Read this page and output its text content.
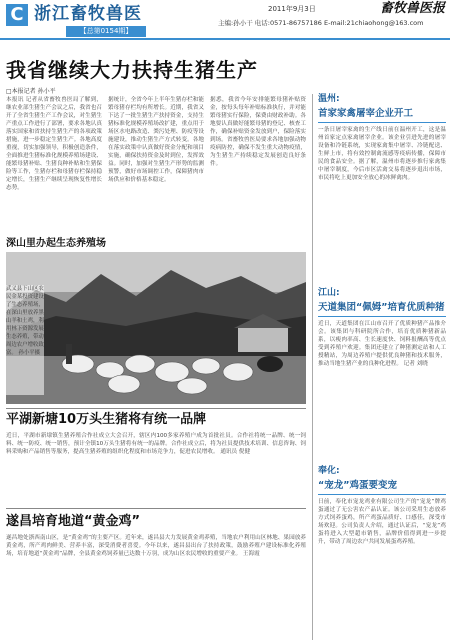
C 浙江畜牧兽医
【总第0154期】
2011年9月3日	畜牧兽医报
主编:孙小干 电话:0571-86757186 E-mail:21chiaohong@163.com
我省继续大力扶持生猪生产
□本报记者 孙小平
本报讯 记者从省畜牧兽医局了解到，继农业部生猪生产会议之后，我省也召开了全省生猪生产工作会议，对生猪生产重点工作进行了部署，要求各地认真落实国家和省扶持生猪生产的各项政策措施，进一步稳定生猪生产。各地高度重视，切实加强领导，积极创造条件，全面推进生猪标准化规模养殖场建设、能繁母猪补贴、生猪良种补贴和生猪保险等工作，生猪存栏和母猪存栏保持稳定增长，生猪生产继续呈现恢复性增长态势。
据统计，全省今年上半年生猪存栏和能繁母猪存栏均有所增长。近期，我省又下达了一批生猪生产扶持资金，支持生猪标准化规模养殖场改扩建，重点用于场区水电路改造、粪污处理、防疫等设施建设，推动生猪生产方式转变。各地在落实政策中认真做好资金分配和项目实施，确保扶持资金及时到位，发挥效益。同时，加强对生猪生产形势的监测预警，做好市场调控工作，保障猪肉市场供应和价格基本稳定。
据悉，我省今年安排能繁母猪补贴资金，按每头每年补贴标准执行，并对能繁母猪实行保险，保费由财政补助。各地要认真做好能繁母猪的登记、核查工作，确保补贴资金发放到户，保险落实到场。省畜牧兽医局要求各地加强动物疫病防控，确保不发生重大动物疫情，为生猪生产持续稳定发展创造良好条件。
深山里办起生态养殖场
武义县下山区农民金某投资建设了生态养殖场，在深山里放养黑山羊和土鸡，利用林下资源发展生态养殖，带动周边农户增收致富。 孙小平摄
平湖新塘10万头生猪将有统一品牌
近日，平湖市新埭镇生猪养殖合作社成立大会召开，辖区内100多家养殖户成为首批社员。合作社将统一品牌、统一饲料、统一防疫、统一销售，预计全镇10万头生猪将有统一的品牌。合作社成立后，将为社员提供技术培训、信息咨询、饲料采购和产品销售等服务，提高生猪养殖的组织化程度和市场竞争力，促进农民增收。 通讯员 倪健
遂昌培育地道“黄金鸡”
遂昌地处浙西南山区，是“黄金鸡”的主要产区。近年来，遂昌县大力发展黄金鸡养殖，当地农户利用山区林地、果园放养黄金鸡，所产鸡肉鲜美、营养丰富，深受消费者喜爱。今年以来，遂昌县出台了扶持政策，鼓励养殖户建设标准化养殖场，培育地道“黄金鸡”品牌，全县黄金鸡饲养量已达数十万羽，成为山区农民增收的重要产业。 王海霞
温州:
首家家禽屠宰企业开工
一条日屠宰家禽的生产线日前在温州开工，这是温州首家定点家禽屠宰企业。该企业引进先进的屠宰设备和冷链系统，实现家禽集中屠宰、冷链配送、生鲜上市，将有效控制禽流感等疫病传播，保障市民的食品安全。据了解，温州市将逐步推行家禽集中屠宰制度，今后市区活禽交易将逐步退出市场，市民将吃上更加安全放心的冰鲜禽肉。
江山:
天道集团“佩姆”培育优质种猪
近日，天道集团在江山市召开了优质种猪产品推介会。该集团与科研院所合作，培育优质种猪新品系，以瘦肉率高、生长速度快、饲料报酬高等优点受到养殖户欢迎。集团还建立了种猪测定站和人工授精站，为周边养殖户提供优良种猪和技术服务，推动当地生猪产业的良种化进程。 记者 刘晓
奉化:
“宠龙”鸡蛋要变宠
日前，奉化市宠龙鸡业有限公司生产的“宠龙”牌鸡蛋通过了无公害农产品认证。该公司采用生态放养方式饲养蛋鸡，所产鸡蛋品质好、口感佳，深受市场欢迎。公司负责人介绍，通过认证后，“宠龙”鸡蛋将进入大型超市销售，品牌价值得到进一步提升，带动了周边农户共同发展蛋鸡养殖。
